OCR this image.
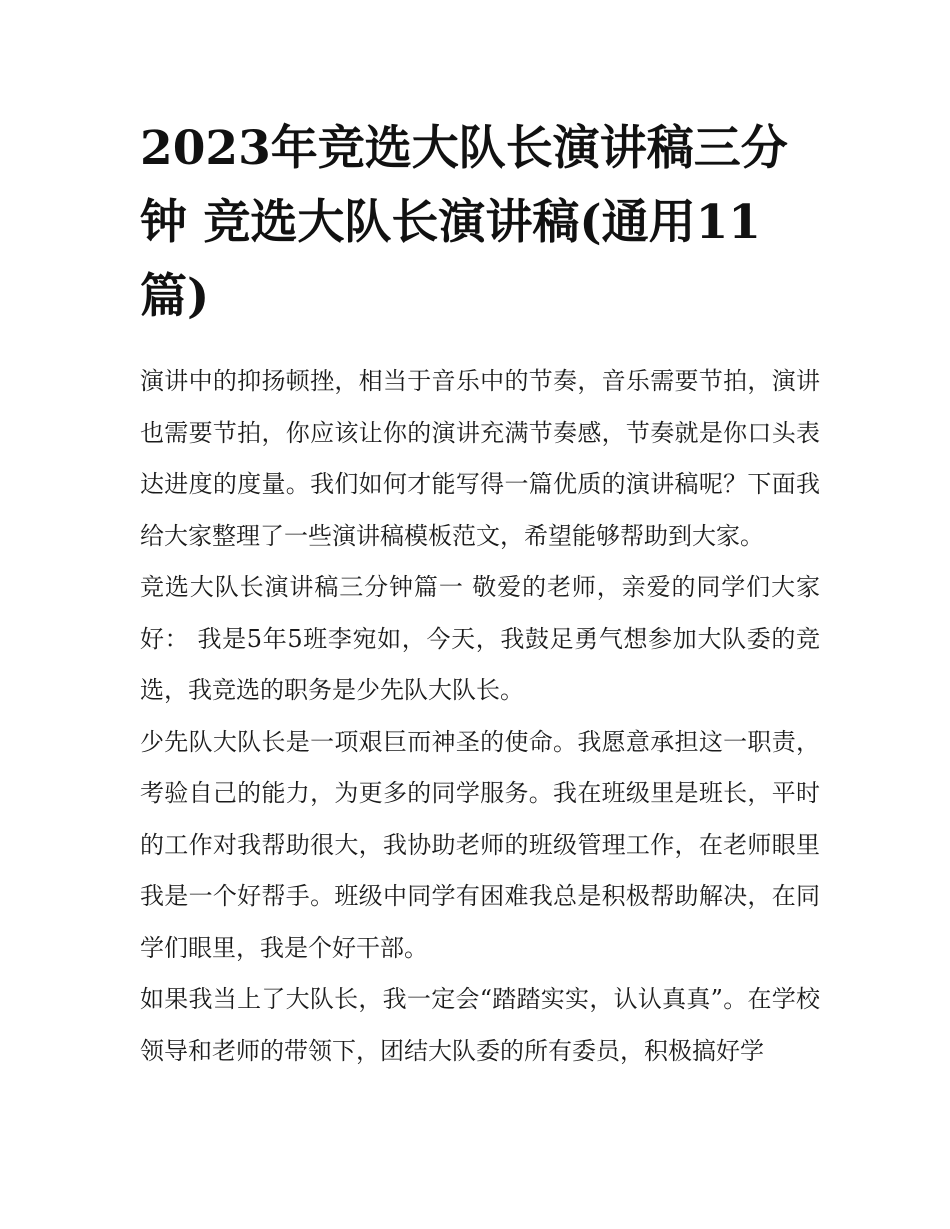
2023年竞选大队长演讲稿三分钟 竞选大队长演讲稿(通用11篇)

演讲中的抑扬顿挫，相当于音乐中的节奏，音乐需要节拍，演讲也需要节拍，你应该让你的演讲充满节奏感，节奏就是你口头表达进度的度量。我们如何才能写得一篇优质的演讲稿呢？下面我给大家整理了一些演讲稿模板范文，希望能够帮助到大家。

竞选大队长演讲稿三分钟篇一 敬爱的老师，亲爱的同学们大家好： 我是5年5班李宛如，今天，我鼓足勇气想参加大队委的竞选，我竞选的职务是少先队大队长。

少先队大队长是一项艰巨而神圣的使命。我愿意承担这一职责，考验自己的能力，为更多的同学服务。我在班级里是班长，平时的工作对我帮助很大，我协助老师的班级管理工作，在老师眼里我是一个好帮手。班级中同学有困难我总是积极帮助解决，在同学们眼里，我是个好干部。

如果我当上了大队长，我一定会“踏踏实实，认认真真”。在学校领导和老师的带领下，团结大队委的所有委员，积极搞好学
